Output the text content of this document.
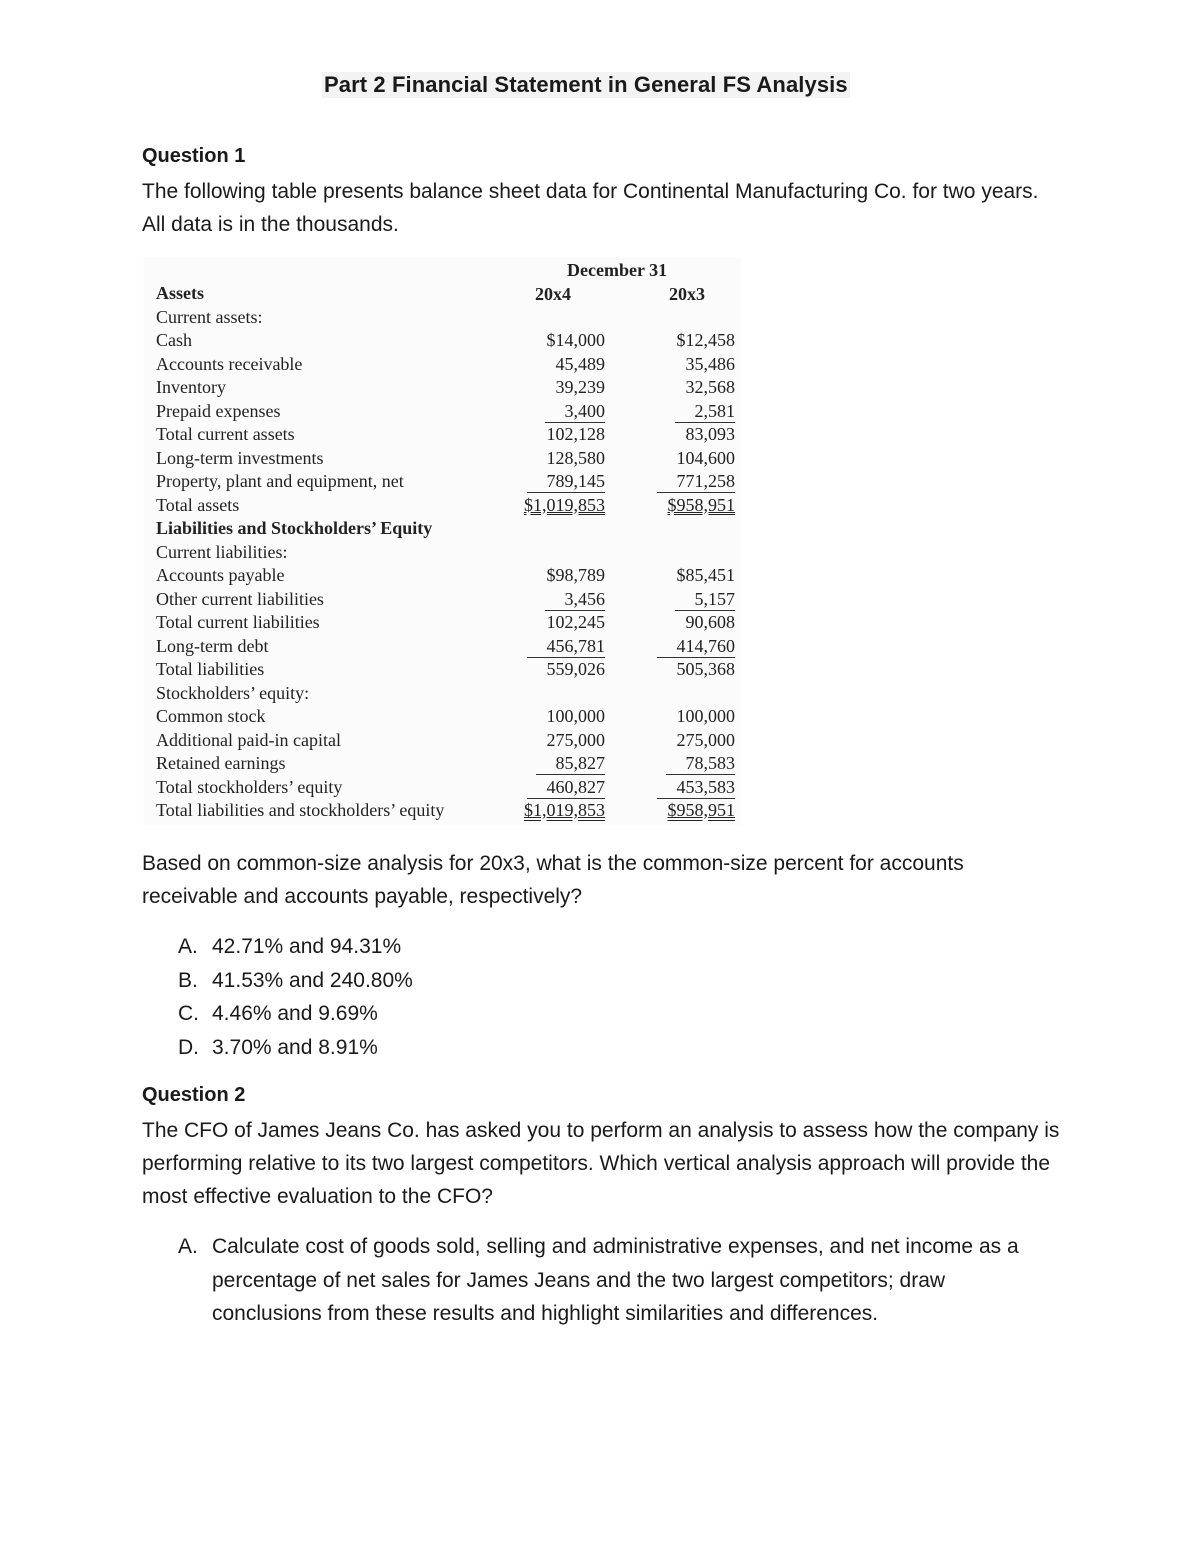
Part 2 Financial Statement in General FS Analysis
Question 1
The following table presents balance sheet data for Continental Manufacturing Co. for two years. All data is in the thousands.
December 31
20x4	20x3
Assets
Current assets:
Cash	$14,000	$12,458
Accounts receivable	45,489	35,486
Inventory	39,239	32,568
Prepaid expenses	3,400	2,581
Total current assets	102,128	83,093
Long-term investments	128,580	104,600
Property, plant and equipment, net	789,145	771,258
Total assets	$1,019,853	$958,951
Liabilities and Stockholders’ Equity
Current liabilities:
Accounts payable	$98,789	$85,451
Other current liabilities	3,456	5,157
Total current liabilities	102,245	90,608
Long-term debt	456,781	414,760
Total liabilities	559,026	505,368
Stockholders’ equity:
Common stock	100,000	100,000
Additional paid-in capital	275,000	275,000
Retained earnings	85,827	78,583
Total stockholders’ equity	460,827	453,583
Total liabilities and stockholders’ equity	$1,019,853	$958,951
Based on common-size analysis for 20x3, what is the common-size percent for accounts receivable and accounts payable, respectively?
A. 42.71% and 94.31%
B. 41.53% and 240.80%
C. 4.46% and 9.69%
D. 3.70% and 8.91%
Question 2
The CFO of James Jeans Co. has asked you to perform an analysis to assess how the company is performing relative to its two largest competitors. Which vertical analysis approach will provide the most effective evaluation to the CFO?
A. Calculate cost of goods sold, selling and administrative expenses, and net income as a percentage of net sales for James Jeans and the two largest competitors; draw conclusions from these results and highlight similarities and differences.
